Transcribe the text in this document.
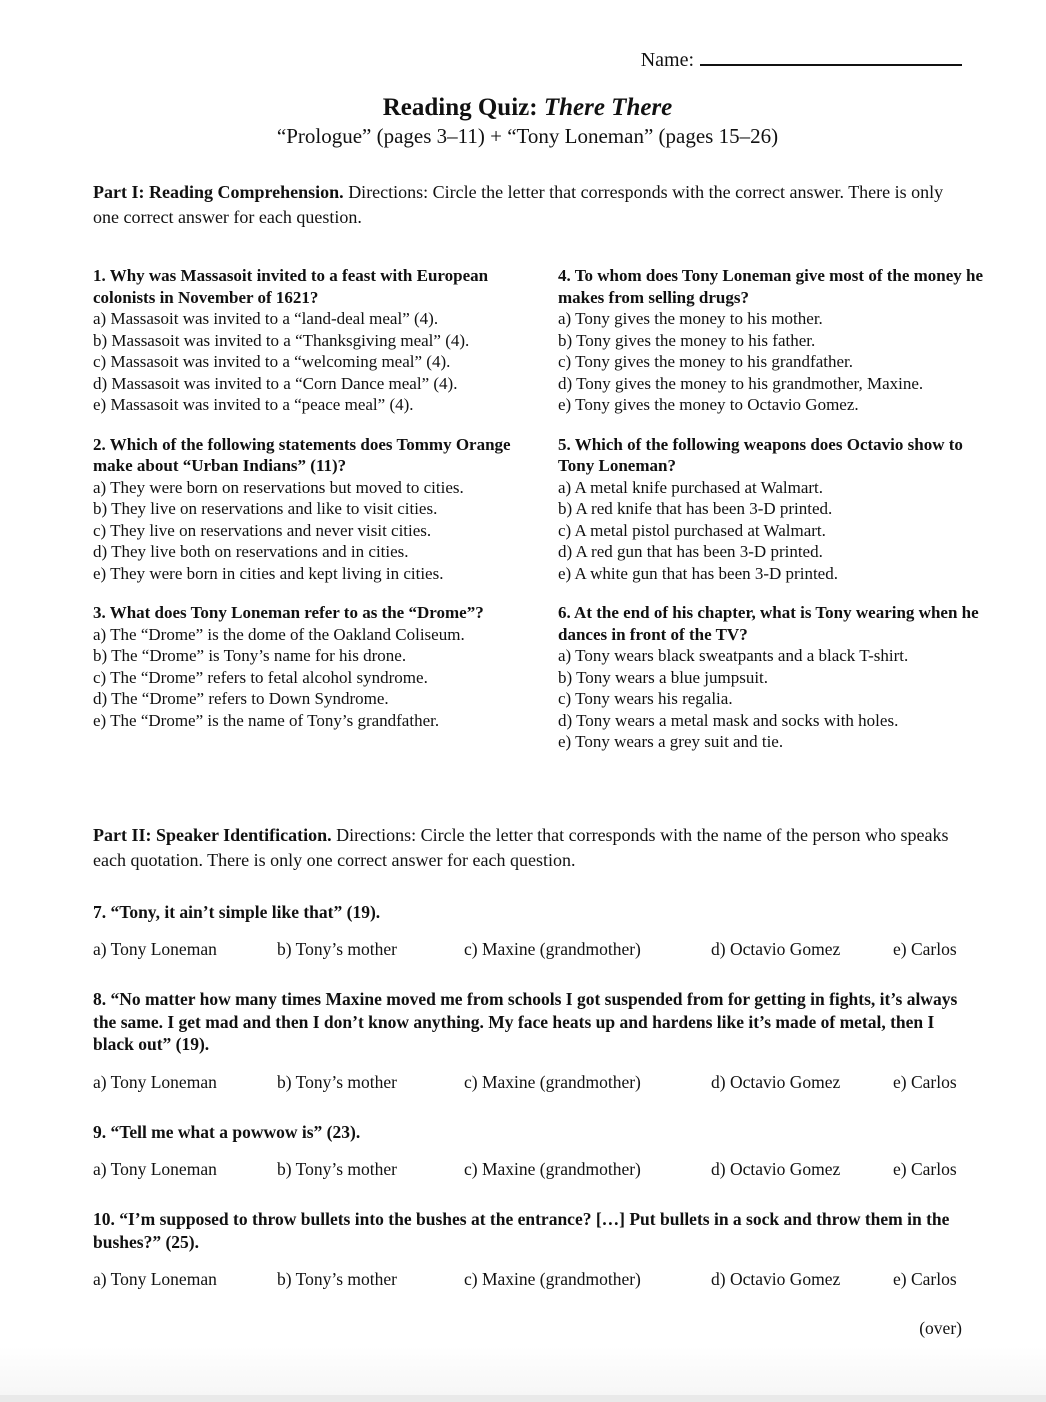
Name:
Reading Quiz: There There
“Prologue” (pages 3–11) + “Tony Loneman” (pages 15–26)
Part I: Reading Comprehension. Directions: Circle the letter that corresponds with the correct answer. There is only one correct answer for each question.
1. Why was Massasoit invited to a feast with European colonists in November of 1621?
a) Massasoit was invited to a “land-deal meal” (4).
b) Massasoit was invited to a “Thanksgiving meal” (4).
c) Massasoit was invited to a “welcoming meal” (4).
d) Massasoit was invited to a “Corn Dance meal” (4).
e) Massasoit was invited to a “peace meal” (4).
4. To whom does Tony Loneman give most of the money he makes from selling drugs?
a) Tony gives the money to his mother.
b) Tony gives the money to his father.
c) Tony gives the money to his grandfather.
d) Tony gives the money to his grandmother, Maxine.
e) Tony gives the money to Octavio Gomez.
2. Which of the following statements does Tommy Orange make about “Urban Indians” (11)?
a) They were born on reservations but moved to cities.
b) They live on reservations and like to visit cities.
c) They live on reservations and never visit cities.
d) They live both on reservations and in cities.
e) They were born in cities and kept living in cities.
5. Which of the following weapons does Octavio show to Tony Loneman?
a) A metal knife purchased at Walmart.
b) A red knife that has been 3-D printed.
c) A metal pistol purchased at Walmart.
d) A red gun that has been 3-D printed.
e) A white gun that has been 3-D printed.
3. What does Tony Loneman refer to as the “Drome”?
a) The “Drome” is the dome of the Oakland Coliseum.
b) The “Drome” is Tony’s name for his drone.
c) The “Drome” refers to fetal alcohol syndrome.
d) The “Drome” refers to Down Syndrome.
e) The “Drome” is the name of Tony’s grandfather.
6. At the end of his chapter, what is Tony wearing when he dances in front of the TV?
a) Tony wears black sweatpants and a black T-shirt.
b) Tony wears a blue jumpsuit.
c) Tony wears his regalia.
d) Tony wears a metal mask and socks with holes.
e) Tony wears a grey suit and tie.
Part II: Speaker Identification. Directions: Circle the letter that corresponds with the name of the person who speaks each quotation. There is only one correct answer for each question.
7. “Tony, it ain’t simple like that” (19).
a) Tony Loneman	b) Tony’s mother	c) Maxine (grandmother)	d) Octavio Gomez	e) Carlos
8. “No matter how many times Maxine moved me from schools I got suspended from for getting in fights, it’s always the same. I get mad and then I don’t know anything. My face heats up and hardens like it’s made of metal, then I black out” (19).
a) Tony Loneman	b) Tony’s mother	c) Maxine (grandmother)	d) Octavio Gomez	e) Carlos
9. “Tell me what a powwow is” (23).
a) Tony Loneman	b) Tony’s mother	c) Maxine (grandmother)	d) Octavio Gomez	e) Carlos
10. “I’m supposed to throw bullets into the bushes at the entrance? […] Put bullets in a sock and throw them in the bushes?” (25).
a) Tony Loneman	b) Tony’s mother	c) Maxine (grandmother)	d) Octavio Gomez	e) Carlos
(over)
